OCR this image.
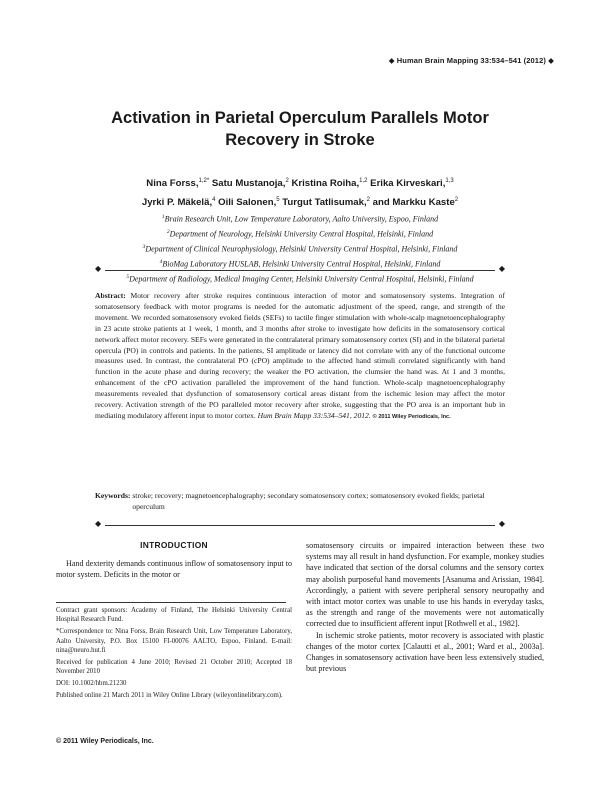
◆ Human Brain Mapping 33:534–541 (2012) ◆
Activation in Parietal Operculum Parallels Motor
Recovery in Stroke
Nina Forss,$^{1,2*}$ Satu Mustanoja,$^2$ Kristina Roiha,$^{1,2}$ Erika Kirveskari,$^{1,3}$
Jyrki P. Mäkelä,$^4$ Oili Salonen,$^5$ Turgut Tatlisumak,$^2$ and Markku Kaste$^2$
$^1$Brain Research Unit, Low Temperature Laboratory, Aalto University, Espoo, Finland
$^2$Department of Neurology, Helsinki University Central Hospital, Helsinki, Finland
$^3$Department of Clinical Neurophysiology, Helsinki University Central Hospital, Helsinki, Finland
$^4$BioMag Laboratory HUSLAB, Helsinki University Central Hospital, Helsinki, Finland
$^5$Department of Radiology, Medical Imaging Center, Helsinki University Central Hospital, Helsinki, Finland
◆	◆
Abstract: Motor recovery after stroke requires continuous interaction of motor and somatosensory systems. Integration of somatosensory feedback with motor programs is needed for the automatic adjustment of the speed, range, and strength of the movement. We recorded somatosensory evoked fields (SEFs) to tactile finger stimulation with whole-scalp magnetoencephalography in 23 acute stroke patients at 1 week, 1 month, and 3 months after stroke to investigate how deficits in the somatosensory cortical network affect motor recovery. SEFs were generated in the contralateral primary somatosensory cortex (SI) and in the bilateral parietal opercula (PO) in controls and patients. In the patients, SI amplitude or latency did not correlate with any of the functional outcome measures used. In contrast, the contralateral PO (cPO) amplitude to the affected hand stimuli correlated significantly with hand function in the acute phase and during recovery; the weaker the PO activation, the clumsier the hand was. At 1 and 3 months, enhancement of the cPO activation paralleled the improvement of the hand function. Whole-scalp magnetoencephalography measurements revealed that dysfunction of somatosensory cortical areas distant from the ischemic lesion may affect the motor recovery. Activation strength of the PO paralleled motor recovery after stroke, suggesting that the PO area is an important hub in mediating modulatory afferent input to motor cortex. Hum Brain Mapp 33:534–541, 2012. © 2011 Wiley Periodicals, Inc.
Keywords: stroke; recovery; magnetoencephalography; secondary somatosensory cortex; somatosensory evoked fields; parietal operculum
◆	◆
INTRODUCTION

Hand dexterity demands continuous inflow of somatosensory input to motor system. Deficits in the motor or

Contract grant sponsors: Academy of Finland, The Helsinki University Central Hospital Research Fund.

*Correspondence to: Nina Forss, Brain Research Unit, Low Temperature Laboratory, Aalto University, P.O. Box 15100 FI-00076 AALTO, Espoo, Finland. E-mail: nina@neuro.hut.fi

Received for publication 4 June 2010; Revised 21 October 2010; Accepted 18 November 2010

DOI: 10.1002/hbm.21230

Published online 21 March 2011 in Wiley Online Library (wileyonlinelibrary.com).

© 2011 Wiley Periodicals, Inc.

somatosensory circuits or impaired interaction between these two systems may all result in hand dysfunction. For example, monkey studies have indicated that section of the dorsal columns and the sensory cortex may abolish purposeful hand movements [Asanuma and Arissian, 1984]. Accordingly, a patient with severe peripheral sensory neuropathy and with intact motor cortex was unable to use his hands in everyday tasks, as the strength and range of the movements were not automatically corrected due to insufficient afferent input [Rothwell et al., 1982].

In ischemic stroke patients, motor recovery is associated with plastic changes of the motor cortex [Calautti et al., 2001; Ward et al., 2003a]. Changes in somatosensory activation have been less extensively studied, but previous
